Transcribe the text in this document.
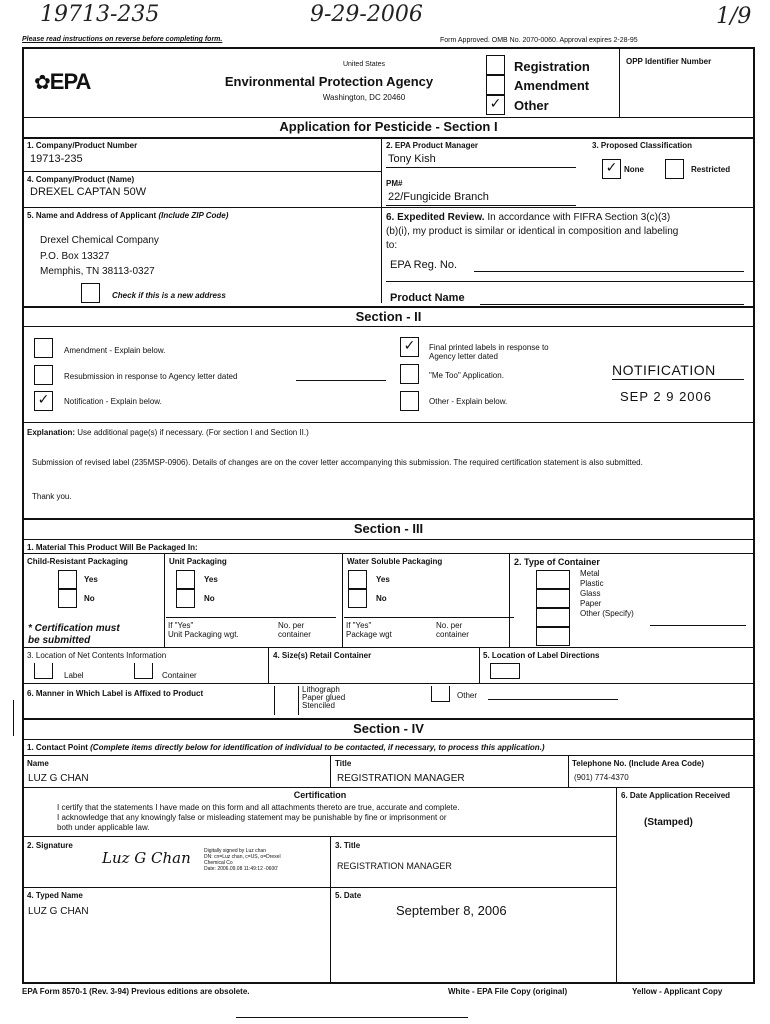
19713-235	9-29-2006	1/9
Please read instructions on reverse before completing form.	Form Approved. OMB No. 2070-0060. Approval expires 2-28-95
✿EPA
United States
Environmental Protection Agency
Washington, DC 20460
Registration
Amendment
✓ Other
OPP Identifier Number
Application for Pesticide - Section I
1. Company/Product Number
19713-235
2. EPA Product Manager
Tony Kish
3. Proposed Classification
✓ None	Restricted
4. Company/Product (Name)
DREXEL CAPTAN 50W
PM#
22/Fungicide Branch
5. Name and Address of Applicant (Include ZIP Code)
Drexel Chemical Company
P.O. Box 13327
Memphis, TN 38113-0327
Check if this is a new address
6. Expedited Review. In accordance with FIFRA Section 3(c)(3)
(b)(i), my product is similar or identical in composition and labeling
to:
EPA Reg. No.
Product Name
Section - II
Amendment - Explain below.
Resubmission in response to Agency letter dated
✓	Notification - Explain below.
✓	Final printed labels in response to
Agency letter dated
"Me Too" Application.
Other - Explain below.
NOTIFICATION
SEP 2 9 2006
Explanation: Use additional page(s) if necessary. (For section I and Section II.)
Submission of revised label (235MSP-0906). Details of changes are on the cover letter accompanying this submission. The required certification statement is also submitted.
Thank you.
Section - III
1. Material This Product Will Be Packaged In:
Child-Resistant Packaging
Yes
No
* Certification must
be submitted
Unit Packaging
Yes
No
If "Yes"
Unit Packaging wgt.
No. per
container
Water Soluble Packaging
Yes
No
If "Yes"
Package wgt
No. per
container
2. Type of Container
Metal
Plastic
Glass
Paper
Other (Specify)
3. Location of Net Contents Information
Label	Container
4. Size(s) Retail Container	5. Location of Label Directions
6. Manner in Which Label is Affixed to Product	Lithograph
Paper glued
Stenciled
Other
Section - IV
1. Contact Point (Complete items directly below for identification of individual to be contacted, if necessary, to process this application.)
Name
LUZ G CHAN
Title
REGISTRATION MANAGER
Telephone No. (Include Area Code)
(901) 774-4370
Certification
I certify that the statements I have made on this form and all attachments thereto are true, accurate and complete.
I acknowledge that any knowingly false or misleading statement may be punishable by fine or imprisonment or
both under applicable law.
6. Date Application Received
(Stamped)
2. Signature
Luz G Chan	Digitally signed by Luz chan
DN: cn=Luz chan, c=US, o=Drexel
Chemical Co
Date: 2006.09.08 11:49:12 -0600'
3. Title
REGISTRATION MANAGER
4. Typed Name
LUZ G CHAN
5. Date
September 8, 2006
EPA Form 8570-1 (Rev. 3-94) Previous editions are obsolete.	White - EPA File Copy (original)	Yellow - Applicant Copy
